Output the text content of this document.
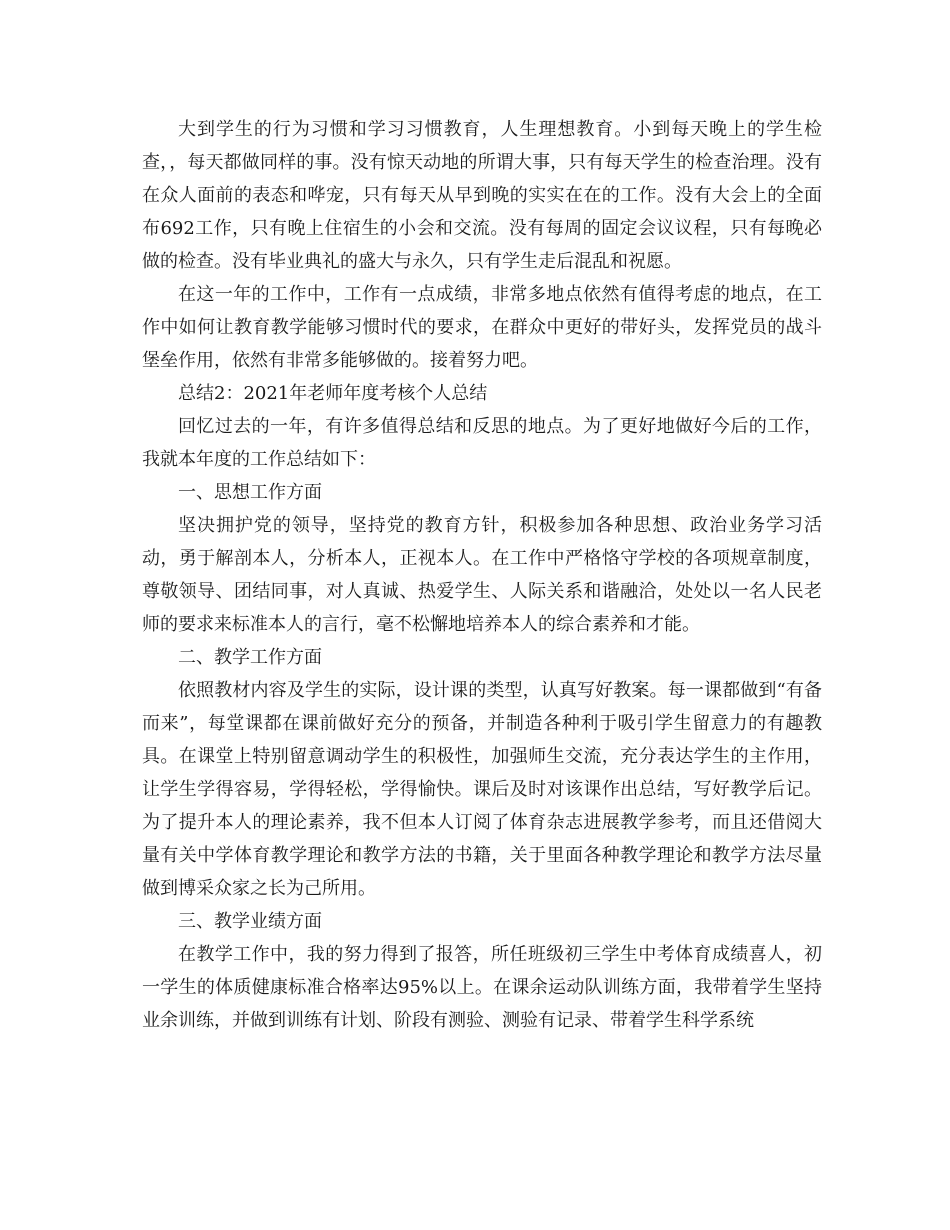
大到学生的行为习惯和学习习惯教育，人生理想教育。小到每天晚上的学生检查，，每天都做同样的事。没有惊天动地的所谓大事，只有每天学生的检查治理。没有在众人面前的表态和哗宠，只有每天从早到晚的实实在在的工作。没有大会上的全面布692工作，只有晚上住宿生的小会和交流。没有每周的固定会议议程，只有每晚必做的检查。没有毕业典礼的盛大与永久，只有学生走后混乱和祝愿。

在这一年的工作中，工作有一点成绩，非常多地点依然有值得考虑的地点，在工作中如何让教育教学能够习惯时代的要求，在群众中更好的带好头，发挥党员的战斗堡垒作用，依然有非常多能够做的。接着努力吧。

总结2：2021年老师年度考核个人总结

回忆过去的一年，有许多值得总结和反思的地点。为了更好地做好今后的工作，我就本年度的工作总结如下：

一、思想工作方面

坚决拥护党的领导，坚持党的教育方针，积极参加各种思想、政治业务学习活动，勇于解剖本人，分析本人，正视本人。在工作中严格恪守学校的各项规章制度，尊敬领导、团结同事，对人真诚、热爱学生、人际关系和谐融洽，处处以一名人民老师的要求来标准本人的言行，毫不松懈地培养本人的综合素养和才能。

二、教学工作方面

依照教材内容及学生的实际，设计课的类型，认真写好教案。每一课都做到“有备而来”，每堂课都在课前做好充分的预备，并制造各种利于吸引学生留意力的有趣教具。在课堂上特别留意调动学生的积极性，加强师生交流，充分表达学生的主作用，让学生学得容易，学得轻松，学得愉快。课后及时对该课作出总结，写好教学后记。为了提升本人的理论素养，我不但本人订阅了体育杂志进展教学参考，而且还借阅大量有关中学体育教学理论和教学方法的书籍，关于里面各种教学理论和教学方法尽量做到博采众家之长为己所用。

三、教学业绩方面

在教学工作中，我的努力得到了报答，所任班级初三学生中考体育成绩喜人，初一学生的体质健康标准合格率达95%以上。在课余运动队训练方面，我带着学生坚持业余训练，并做到训练有计划、阶段有测验、测验有记录、带着学生科学系统
